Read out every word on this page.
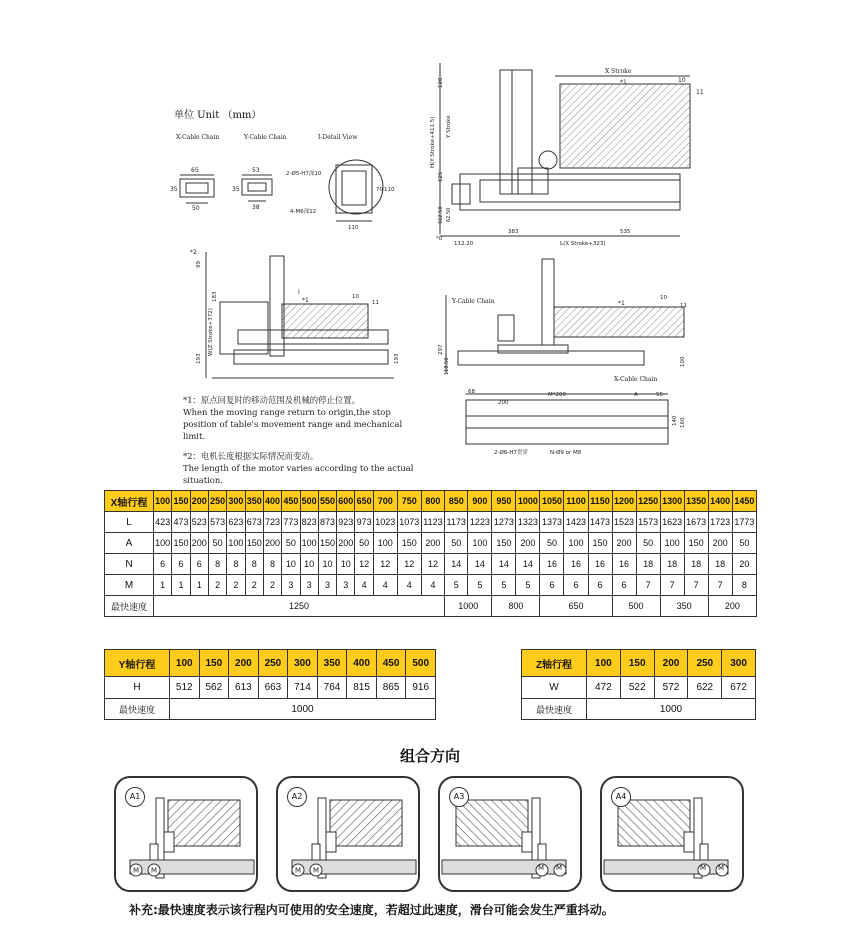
单位 Unit （mm）
X-Cable Chain	Y-Cable Chain	I-Detail View
65
35
50
53
35
38
2-Ø5-H7深10
4-M6深12
70 110
110
X Stroke
*1	10
11
120
125
Y Stroke
H(Y Stroke+411.5)
162.50 62.50
*0
112.20
383	535
L(X Stroke+323)
*2
*1
I
99
183
W(Z Stroke+372)
193	193
10
11	Y-Cable Chain
X-Cable Chain
*1
10
11
297
118.50	100
68
200
M*200	A	55
140 160
2-Ø6-H7贯穿	N-Ø9 or M8
*1：原点回复时的移动范围及机械的停止位置。
When the moving range return to origin,the stop
position of table's movement range and mechanical
limit.
*2：电机长度根据实际情况而变动。
The length of the motor varies according to the actual situation.
X轴行程	100	150	200	250	300	350	400	450	500	550	600	650	700	750	800	850	900	950	1000	1050	1100	1150	1200	1250	1300	1350	1400	1450
L	423	473	523	573	623	673	723	773	823	873	923	973	1023	1073	1123	1173	1223	1273	1323	1373	1423	1473	1523	1573	1623	1673	1723	1773
A	100	150	200	50	100	150	200	50	100	150	200	50	100	150	200	50	100	150	200	50	100	150	200	50	100	150	200	50
N	6	6	6	8	8	8	8	10	10	10	10	12	12	12	12	14	14	14	14	16	16	16	16	18	18	18	18	20
M	1	1	1	2	2	2	2	3	3	3	3	4	4	4	4	5	5	5	5	6	6	6	6	7	7	7	7	8
最快速度	1250															1000		800		650			500		350		200	
Y轴行程	100	150	200	250	300	350	400	450	500
H	512	562	613	663	714	764	815	865	916
最快速度	1000								
Z轴行程	100	150	200	250	300
W	472	522	572	622	672
最快速度	1000				
组合方向
M M
A1
M M
A2
M
M
A3
M
M
A4
补充:最快速度表示该行程内可使用的安全速度，若超过此速度，滑台可能会发生严重抖动。
